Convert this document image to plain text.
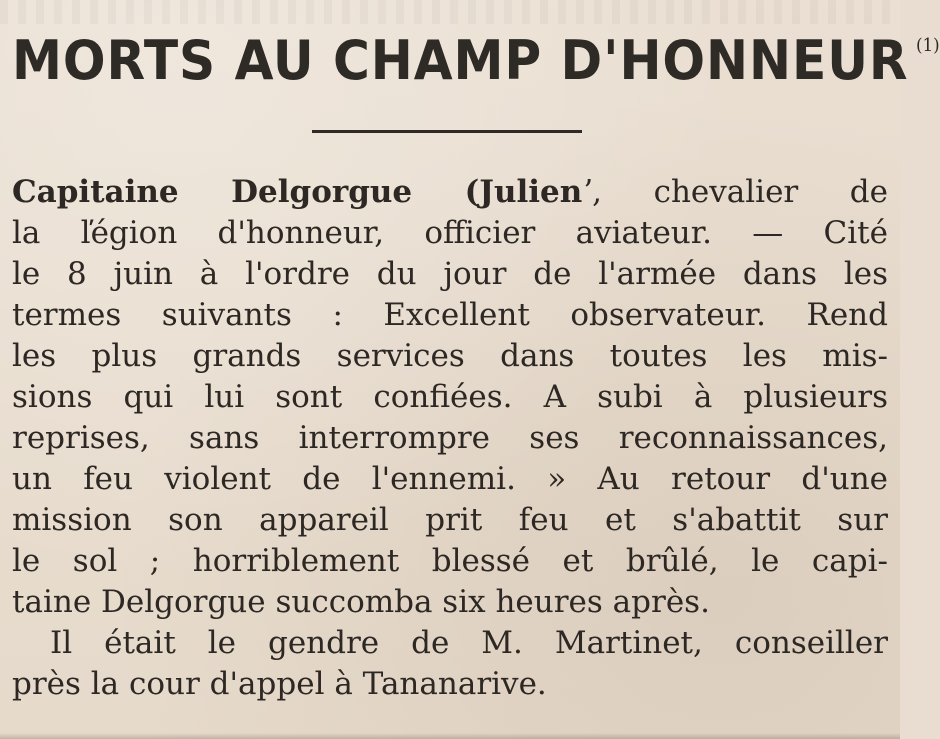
MORTS AU CHAMP D'HONNEUR $^{(1)}$
Capitaine Delgorgue (Julienʼ, chevalier de
la ľégion d'honneur, officier aviateur. — Cité
le 8 juin à l'ordre du jour de l'armée dans les
termes suivants : Excellent observateur. Rend
les plus grands services dans toutes les mis-
sions qui lui sont confiées. A subi à plusieurs
reprises, sans interrompre ses reconnaissances,
un feu violent de l'ennemi. » Au retour d'une
mission son appareil prit feu et s'abattit sur
le sol ; horriblement blessé et brûlé, le capi-
taine Delgorgue succomba six heures après.
Il était le gendre de M. Martinet, conseiller
près la cour d'appel à Tananarive.
